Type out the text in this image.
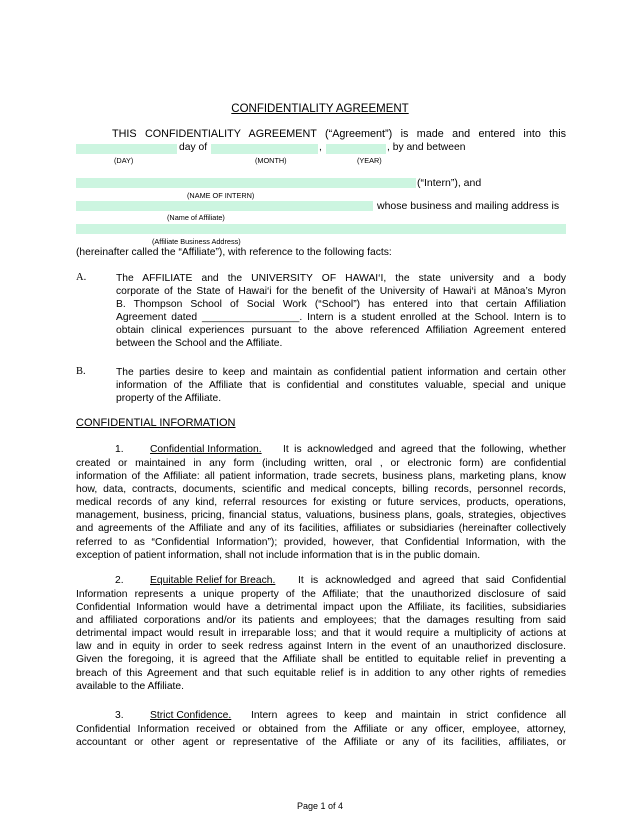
CONFIDENTIALITY AGREEMENT
THIS CONFIDENTIALITY AGREEMENT (“Agreement”) is made and entered into this
day of	,	, by and between
(DAY)	(MONTH)	(YEAR)
(“Intern”), and
(NAME OF INTERN)
whose business and mailing address is
(Name of Affiliate)
(Affiliate Business Address)
(hereinafter called the “Affiliate”), with reference to the following facts:
A.	The AFFILIATE and the UNIVERSITY OF HAWAI‘I, the state university and a body
corporate of the State of Hawai‘i for the benefit of the University of Hawai‘i at Mānoa’s Myron
B. Thompson School of Social Work (“School”) has entered into that certain Affiliation
Agreement dated _________________. Intern is a student enrolled at the School. Intern is to
obtain clinical experiences pursuant to the above referenced Affiliation Agreement entered
between the School and the Affiliate.
B.	The parties desire to keep and maintain as confidential patient information and certain other
information of the Affiliate that is confidential and constitutes valuable, special and unique
property of the Affiliate.
CONFIDENTIAL INFORMATION
1.	Confidential Information. It is acknowledged and agreed that the following, whether
created or maintained in any form (including written, oral , or electronic form) are confidential
information of the Affiliate: all patient information, trade secrets, business plans, marketing plans, know
how, data, contracts, documents, scientific and medical concepts, billing records, personnel records,
medical records of any kind, referral resources for existing or future services, products, operations,
management, business, pricing, financial status, valuations, business plans, goals, strategies, objectives
and agreements of the Affiliate and any of its facilities, affiliates or subsidiaries (hereinafter collectively
referred to as “Confidential Information”); provided, however, that Confidential Information, with the
exception of patient information, shall not include information that is in the public domain.
2.	Equitable Relief for Breach. It is acknowledged and agreed that said Confidential
Information represents a unique property of the Affiliate; that the unauthorized disclosure of said
Confidential Information would have a detrimental impact upon the Affiliate, its facilities, subsidiaries
and affiliated corporations and/or its patients and employees; that the damages resulting from said
detrimental impact would result in irreparable loss; and that it would require a multiplicity of actions at
law and in equity in order to seek redress against Intern in the event of an unauthorized disclosure.
Given the foregoing, it is agreed that the Affiliate shall be entitled to equitable relief in preventing a
breach of this Agreement and that such equitable relief is in addition to any other rights of remedies
available to the Affiliate.
3.	Strict Confidence. Intern agrees to keep and maintain in strict confidence all
Confidential Information received or obtained from the Affiliate or any officer, employee, attorney,
accountant or other agent or representative of the Affiliate or any of its facilities, affiliates, or
Page 1 of 4
